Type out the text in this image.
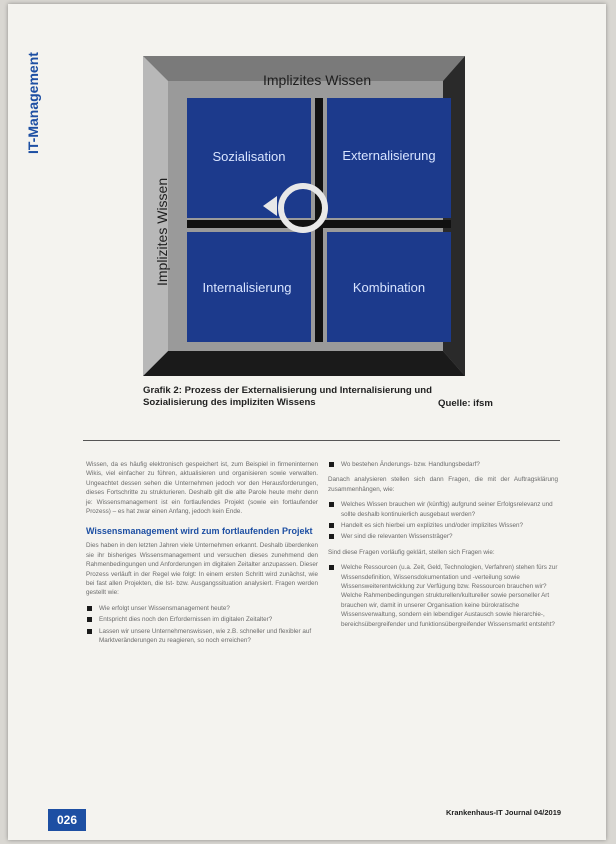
IT-Management	Implizites Wissen
Implizites Wissen
Sozialisation	Externalisierung
Internalisierung	Kombination
Grafik 2: Prozess der Externalisierung und Internalisierung und Sozialisierung des impliziten Wissens	Quelle: ifsm

Wissen, da es häufig elektronisch gespeichert ist, zum Beispiel in firmeninternen Wikis, viel einfacher zu führen, aktualisieren und organisieren sowie verwalten. Ungeachtet dessen sehen die Unternehmen jedoch vor den Herausforderungen, dieses Fortschritte zu strukturieren. Deshalb gilt die alte Parole heute mehr denn je: Wissensmanagement ist ein fortlaufendes Projekt (sowie ein fortlaufender Prozess) – es hat zwar einen Anfang, jedoch kein Ende.

Wissensmanagement wird zum fortlaufenden Projekt

Dies haben in den letzten Jahren viele Unternehmen erkannt. Deshalb überdenken sie ihr bisheriges Wissensmanagement und versuchen dieses zunehmend den Rahmenbedingungen und Anforderungen im digitalen Zeitalter anzupassen. Dieser Prozess verläuft in der Regel wie folgt: In einem ersten Schritt wird zunächst, wie bei fast allen Projekten, die Ist- bzw. Ausgangssituation analysiert. Fragen werden gestellt wie:

Wie erfolgt unser Wissensmanagement heute?
Entspricht dies noch den Erfordernissen im digitalen Zeitalter?
Lassen wir unsere Unternehmenswissen, wie z.B. schneller und flexibler auf Marktveränderungen zu reagieren, so noch erreichen?
Wo bestehen Änderungs- bzw. Handlungsbedarf?

Danach analysieren stellen sich dann Fragen, die mit der Auftragsklärung zusammenhängen, wie:

Welches Wissen brauchen wir (künftig) aufgrund seiner Erfolgsrelevanz und sollte deshalb kontinuierlich ausgebaut werden?
Handelt es sich hierbei um explizites und/oder implizites Wissen?
Wer sind die relevanten Wissensträger?

Sind diese Fragen vorläufig geklärt, stellen sich Fragen wie:

Welche Ressourcen (u.a. Zeit, Geld, Technologien, Verfahren) stehen fürs zur Wissensdefinition, Wissensdokumentation und -verteilung sowie Wissensweiterentwicklung zur Verfügung bzw. Ressourcen brauchen wir? Welche Rahmenbedingungen strukturellen/kultureller sowie personeller Art brauchen wir, damit in unserer Organisation keine bürokratische Wissensverwaltung, sondern ein lebendiger Austausch sowie hierarchie-, bereichsübergreifender und funktionsübergreifender Wissensmarkt entsteht?
026
Krankenhaus-IT Journal 04/2019
